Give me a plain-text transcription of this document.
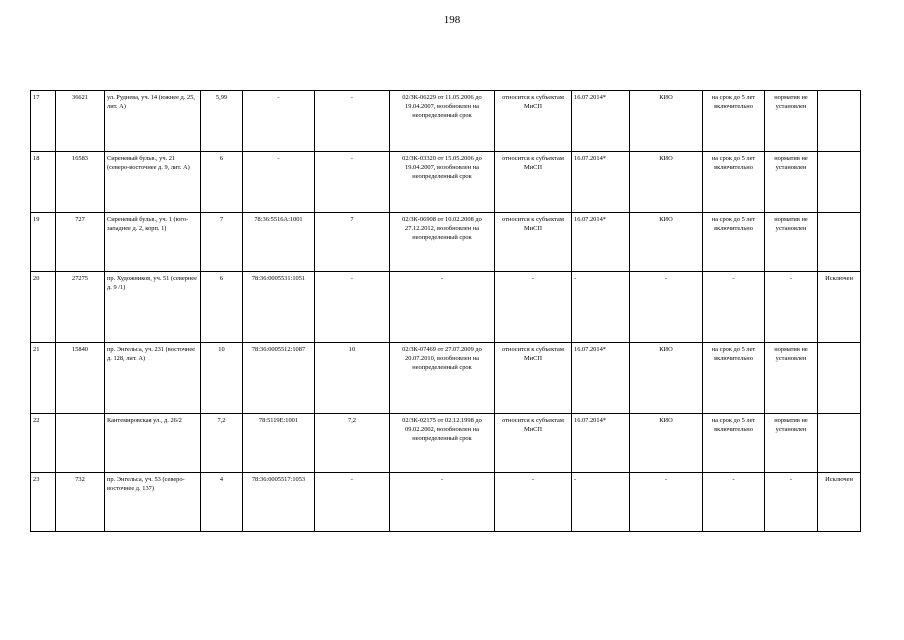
198
17	36621	ул. Руднева, уч. 14 (южнее д. 25, лит. А)	5,99	-	-	02/ЗК-06229 от 11.05.2006 до 19.04.2007, возобновлен на неопределенный срок	относится к субъектам МиСП	16.07.2014*	КИО	на срок до 5 лет включительно	норматив не установлен	
18	16583	Сиреневый бульв., уч. 21 (северо-восточнее д. 9, лит. А)	6	-	-	02/ЗК-03320 от 15.05.2006 до 19.04.2007, возобновлен на неопределенный срок	относится к субъектам МиСП	16.07.2014*	КИО	на срок до 5 лет включительно	норматив не установлен	
19	727	Сиреневый бульв., уч. 1 (юго-западнее д. 2, корп. 1)	7	78:36:5516А:1001	7	02/ЗК-06908 от 10.02.2008 до 27.12.2012, возобновлен на неопределенный срок	относится к субъектам МиСП	16.07.2014*	КИО	на срок до 5 лет включительно	норматив не установлен	
20	27275	пр. Художников, уч. 51 (севернее д. 9 /1)	6	78:36:0005531:1051	-	-	-	-	-	-	-	Исключен
21	15840	пр. Энгельса, уч. 231 (восточнее д. 128, лит. А)	10	78:36:0005512:1087	10	02/ЗК-07469 от 27.07.2009 до 20.07.2010, возобновлен на неопределенный срок	относится к субъектам МиСП	16.07.2014*	КИО	на срок до 5 лет включительно	норматив не установлен	
22		Кантемировская ул., д. 26/2	7,2	78:5119Е:1001	7,2	02/ЗК-02175 от 02.12.1998 до 09.02.2002, возобновлен на неопределенный срок	относится к субъектам МиСП	16.07.2014*	КИО	на срок до 5 лет включительно	норматив не установлен	
23	732	пр. Энгельса, уч. 53 (северо-восточнее д. 137)	4	78:36:0005517:1053	-	-	-	-	-	-	-	Исключен
